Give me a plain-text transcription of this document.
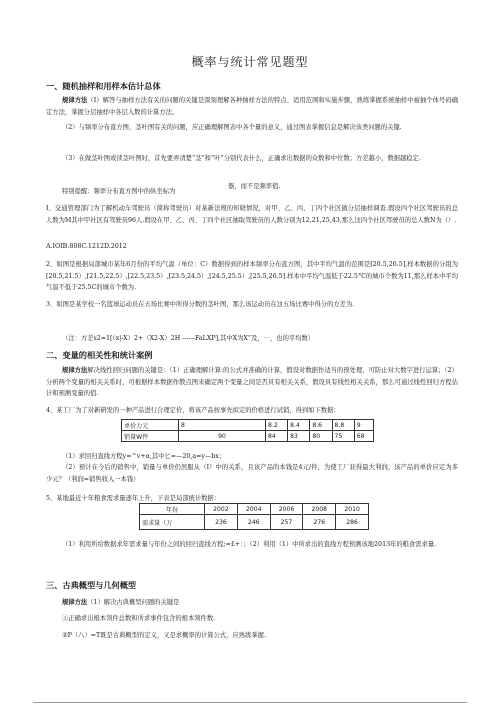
概率与统计常见题型
一、随机抽样和用样本估计总体

规律方法（I）解答与抽样方法有关的问题的关键是深刻理解各种抽样方法的特点、适用范围和实施步骤，熟练掌握系统抽样中被抽个体号码确定方法，掌握分层抽样中各层入数的计算方法。

（2）与频率分布直方图、茎叶图有关的问题，应正确理解图表中各个量的意义，通过图表掌握信息是解决该类问题的关键.

（3）在做茎叶图或读茎叶图时，首先要弄清楚“茎”和“叶”分别代表什么，正确求出数据的众数和中位数；方差越小，数据越稳定.

特别提醒：频率分布直方图中的纵坐标为
器，而不是频率值.

I、交通管理部门为了解机动车驾驶员（简称驾驶员）对某新法规的知晓情况，对甲、乙、丙、丁四个社区做分层抽样调查.假设四个社区驾驶员的总人数为M其中甲社区有驾驶员96人.假设在甲、乙、丙、丁四个社区抽取驾驶员的人数分别为12,21,25,43,那么这四个社区驾驶员的总人数N为（）.

A.IOIB.808C.1212D.2012

2、如图是根据局部城市某年6月份的平均气温（单位：C）数据得到的样本频率分布直方图，其中平均气温的范围是[20.5,26.5],样本数据的分组为[20.5,21.5）,[21.5,22.5）,[22.5,23.5）,[23.5,24.5）,[24.5,25.5）,[25.5,26.5].样本中平均气温低于22.5°C的城市个数为11,那么样本中平均气温不低于25.5C的城市个数为.

3、如图是某学校一名篮球运动员在五场比赛中所得分数的茎叶图，那么该运动员在这五场比赛中得分的方差为.

（注：方差s2=1[（x|-X）2+（X2-X）2H ------FaLXP],其中X为X”及，⋯，也的平均数）
二、变量的相关性和统计案例

规律方法解决线性回归问题的关键是：（1）正确理解计算:的公式并准确的计算，假设对数据作适当的预处理，可防止对大数字进行运算；（2）分析两个变量的相关关系时，可根据样本数据作散点图来确定两个变量之间是否具有相关关系，假设具有线性相关关系，那么可通过线性回归方程估计和预测变量的值.

4、某工厂为了对新研发的一种产品进行合理定价，将该产品按事先拟定的价格进行试销，得到如下数据：
单价力元	8	8.2	8.4	8.6	8.8	9
销量W件	90	84	83	80	75	68
（1）求回归直线方程y=^v+α,其中匕=—20,a=y—bx；

（2）预计在今后的销售中，销量与单价仍然服从（I）中的关系，且该产品的本钱是4元/件，为使工厂获得最大利润，该产品的单价应定为多少元？（利润=销售收入一本钱）

5、某地最近十年粮食需求量逐年上升，下表是局部统计数据：
年份	2002	2004	2006	2008	2010
需求量（万	236	246	257	276	286

（1）利用所给数据求年需求量与年份之间的回归直线方程;=£+：；（2）利用（1）中所求出的直线方程预测该地2013年的粮食需求量.

三、古典概型与几何概型
规律方法（1）解决古典概型问题的关键是
①正确求出根本领件总数和所求事件包含的根本领件数.
②P（八）=T既是古典概型的定义，又是求概率的计算公式，应熟练掌握.
